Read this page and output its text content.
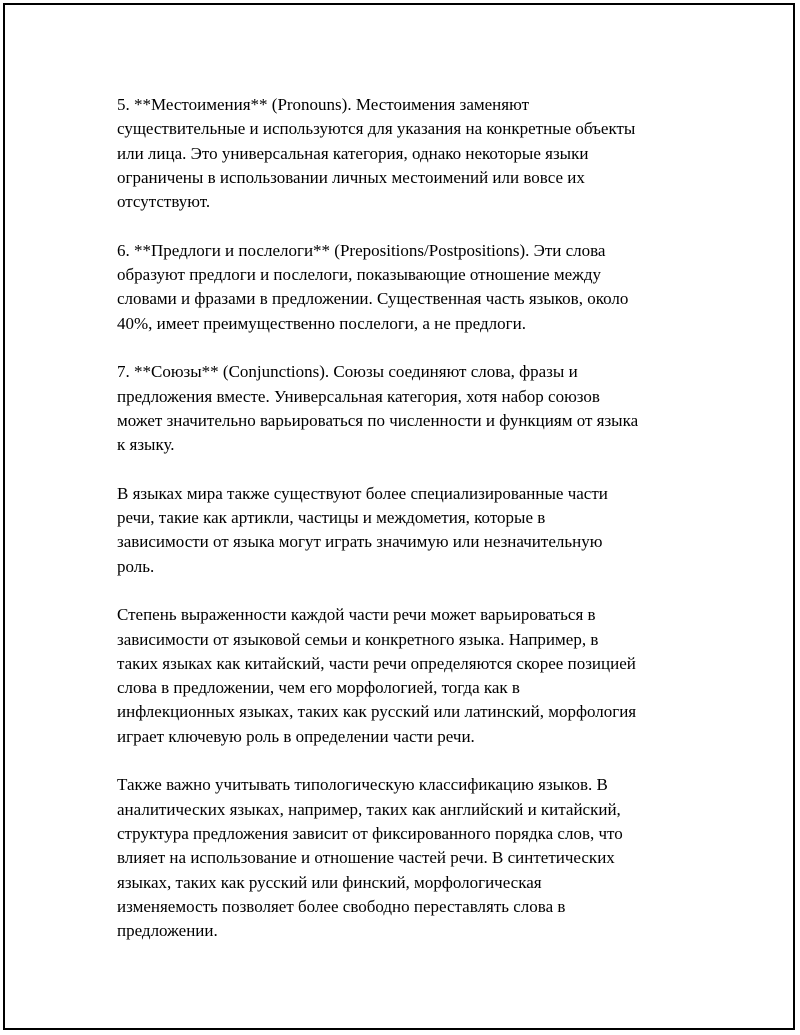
5. **Местоимения** (Pronouns). Местоимения заменяют
существительные и используются для указания на конкретные объекты
или лица. Это универсальная категория, однако некоторые языки
ограничены в использовании личных местоимений или вовсе их
отсутствуют.

6. **Предлоги и послелоги** (Prepositions/Postpositions). Эти слова
образуют предлоги и послелоги, показывающие отношение между
словами и фразами в предложении. Существенная часть языков, около
40%, имеет преимущественно послелоги, а не предлоги.

7. **Союзы** (Conjunctions). Союзы соединяют слова, фразы и
предложения вместе. Универсальная категория, хотя набор союзов
может значительно варьироваться по численности и функциям от языка
к языку.

В языках мира также существуют более специализированные части
речи, такие как артикли, частицы и междометия, которые в
зависимости от языка могут играть значимую или незначительную
роль.

Степень выраженности каждой части речи может варьироваться в
зависимости от языковой семьи и конкретного языка. Например, в
таких языках как китайский, части речи определяются скорее позицией
слова в предложении, чем его морфологией, тогда как в
инфлекционных языках, таких как русский или латинский, морфология
играет ключевую роль в определении части речи.

Также важно учитывать типологическую классификацию языков. В
аналитических языках, например, таких как английский и китайский,
структура предложения зависит от фиксированного порядка слов, что
влияет на использование и отношение частей речи. В синтетических
языках, таких как русский или финский, морфологическая
изменяемость позволяет более свободно переставлять слова в
предложении.
